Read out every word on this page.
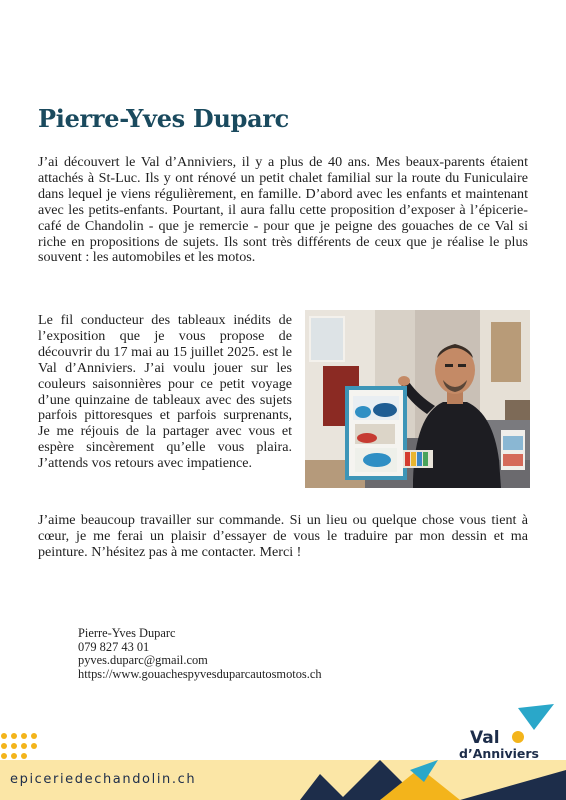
Pierre-Yves Duparc

J’ai découvert le Val d’Anniviers, il y a plus de 40 ans. Mes beaux-parents étaient attachés à St-Luc. Ils y ont rénové un petit chalet familial sur la route du Funiculaire dans lequel je viens régulièrement, en famille. D’abord avec les enfants et maintenant avec les petits-enfants. Pourtant, il aura fallu cette proposition d’exposer à l’épicerie-café de Chandolin - que je remercie - pour que je peigne des gouaches de ce Val si riche en propositions de sujets. Ils sont très différents de ceux que je réalise le plus souvent : les automobiles et les motos.

Le fil conducteur des tableaux inédits de l’exposition que je vous propose de découvrir du 17 mai au 15 juillet 2025. est le Val d’Anniviers. J’ai voulu jouer sur les couleurs saisonnières pour ce petit voyage d’une quinzaine de tableaux avec des sujets parfois pittoresques et parfois surprenants, Je me réjouis de la partager avec vous et espère sincèrement qu’elle vous plaira. J’attends vos retours avec impatience.

J’aime beaucoup travailler sur commande. Si un lieu ou quelque chose vous tient à cœur, je me ferai un plaisir d’essayer de vous le traduire par mon dessin et ma peinture. N’hésitez pas à me contacter. Merci !

Pierre-Yves Duparc
079 827 43 01
pyves.duparc@gmail.com
https://www.gouachespyvesduparcautosmotos.ch
epiceriedechandolin.ch
Val
d’Anniviers
